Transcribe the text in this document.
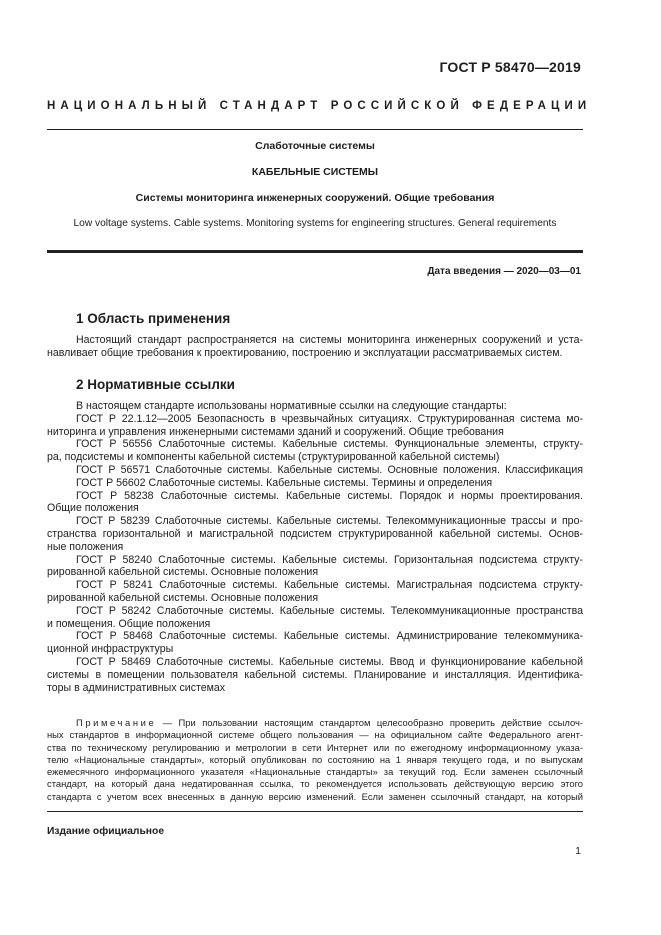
ГОСТ Р 58470—2019
НАЦИОНАЛЬНЫЙ СТАНДАРТ РОССИЙСКОЙ ФЕДЕРАЦИИ
Слаботочные системы
КАБЕЛЬНЫЕ СИСТЕМЫ
Системы мониторинга инженерных сооружений. Общие требования
Low voltage systems. Cable systems. Monitoring systems for engineering structures. General requirements
Дата введения — 2020—03—01
1 Область применения
Настоящий стандарт распространяется на системы мониторинга инженерных сооружений и уста-
навливает общие требования к проектированию, построению и эксплуатации рассматриваемых систем.
2 Нормативные ссылки
В настоящем стандарте использованы нормативные ссылки на следующие стандарты:
ГОСТ Р 22.1.12—2005 Безопасность в чрезвычайных ситуациях. Структурированная система мо-
ниторинга и управления инженерными системами зданий и сооружений. Общие требования
ГОСТ Р 56556 Слаботочные системы. Кабельные системы. Функциональные элементы, структу-
ра, подсистемы и компоненты кабельной системы (структурированной кабельной системы)
ГОСТ Р 56571 Слаботочные системы. Кабельные системы. Основные положения. Классификация
ГОСТ Р 56602 Слаботочные системы. Кабельные системы. Термины и определения
ГОСТ Р 58238 Слаботочные системы. Кабельные системы. Порядок и нормы проектирования.
Общие положения
ГОСТ Р 58239 Слаботочные системы. Кабельные системы. Телекоммуникационные трассы и про-
странства горизонтальной и магистральной подсистем структурированной кабельной системы. Основ-
ные положения
ГОСТ Р 58240 Слаботочные системы. Кабельные системы. Горизонтальная подсистема структу-
рированной кабельной системы. Основные положения
ГОСТ Р 58241 Слаботочные системы. Кабельные системы. Магистральная подсистема структу-
рированной кабельной системы. Основные положения
ГОСТ Р 58242 Слаботочные системы. Кабельные системы. Телекоммуникационные пространства
и помещения. Общие положения
ГОСТ Р 58468 Слаботочные системы. Кабельные системы. Администрирование телекоммуника-
ционной инфраструктуры
ГОСТ Р 58469 Слаботочные системы. Кабельные системы. Ввод и функционирование кабельной
системы в помещении пользователя кабельной системы. Планирование и инсталляция. Идентифика-
торы в административных системах
Примечание — При пользовании настоящим стандартом целесообразно проверить действие ссылоч-
ных стандартов в информационной системе общего пользования — на официальном сайте Федерального агент-
ства по техническому регулированию и метрологии в сети Интернет или по ежегодному информационному указа-
телю «Национальные стандарты», который опубликован по состоянию на 1 января текущего года, и по выпускам
ежемесячного информационного указателя «Национальные стандарты» за текущий год. Если заменен ссылочный
стандарт, на который дана недатированная ссылка, то рекомендуется использовать действующую версию этого
стандарта с учетом всех внесенных в данную версию изменений. Если заменен ссылочный стандарт, на который
Издание официальное
1
